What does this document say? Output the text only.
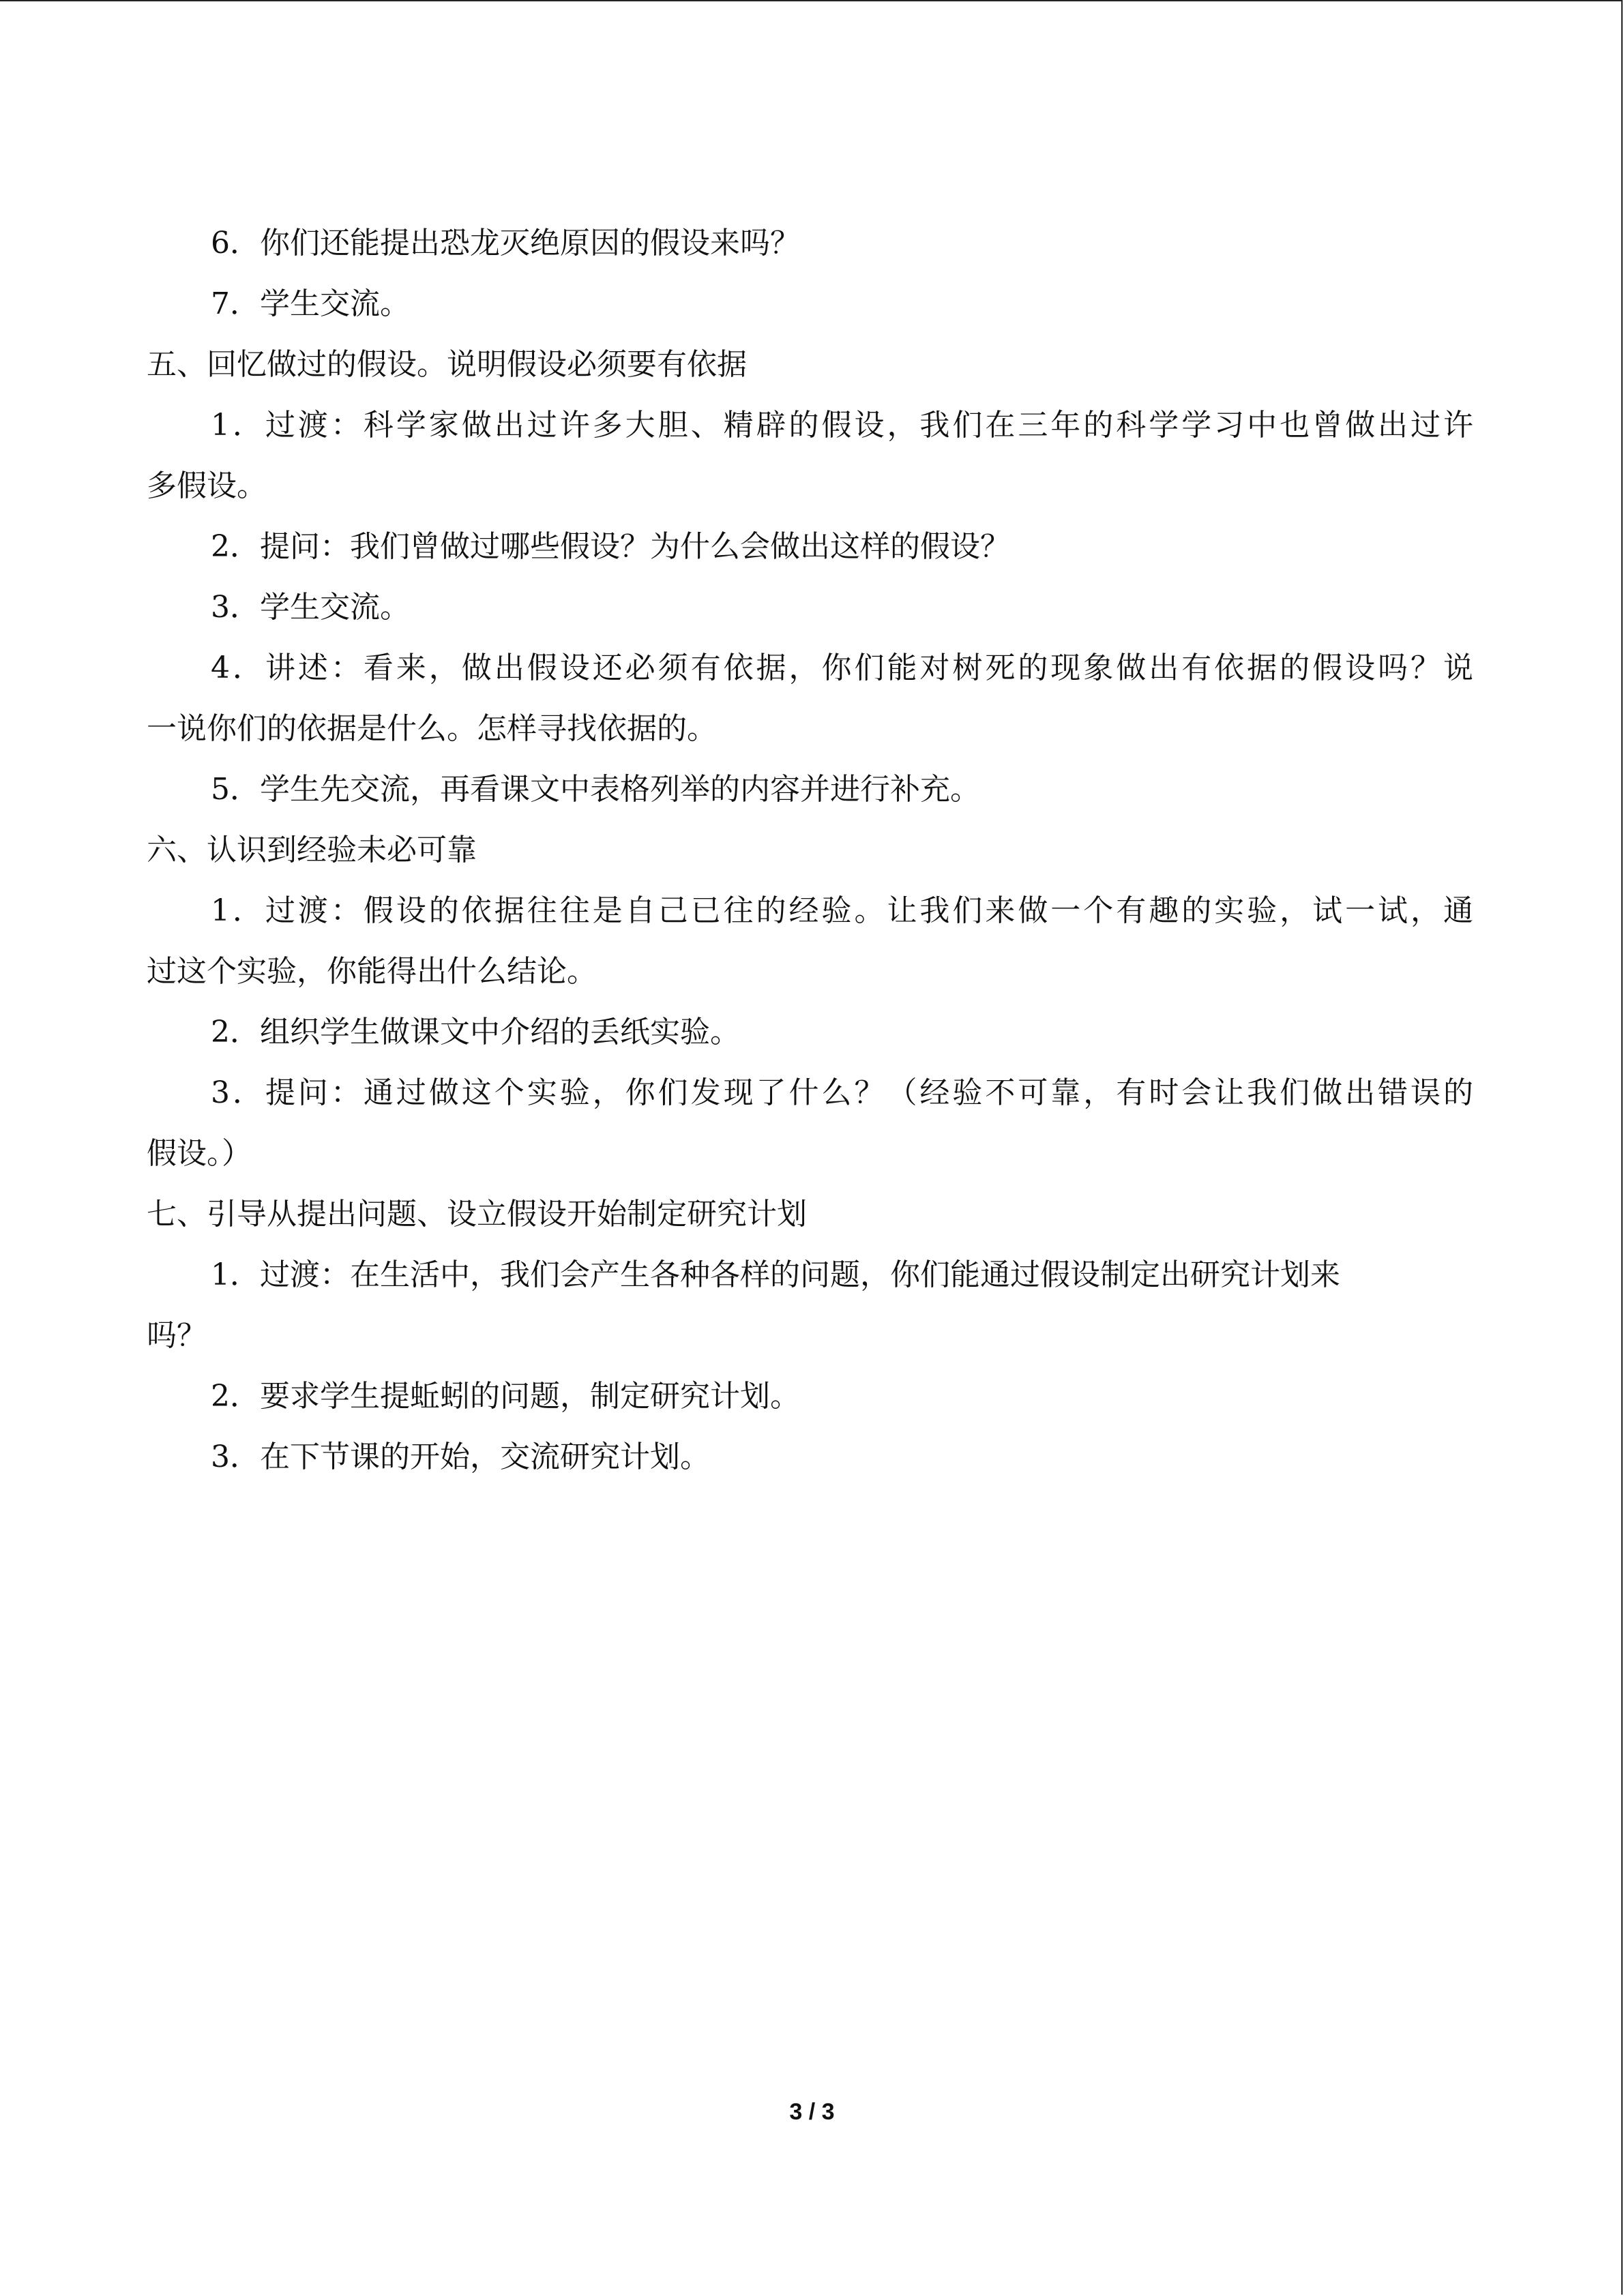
6．你们还能提出恐龙灭绝原因的假设来吗？

7．学生交流。

五、回忆做过的假设。说明假设必须要有依据

1．过渡：科学家做出过许多大胆、精辟的假设，我们在三年的科学学习中也曾做出过许

多假设。

2．提问：我们曾做过哪些假设？为什么会做出这样的假设？

3．学生交流。

4．讲述：看来，做出假设还必须有依据，你们能对树死的现象做出有依据的假设吗？说

一说你们的依据是什么。怎样寻找依据的。

5．学生先交流，再看课文中表格列举的内容并进行补充。

六、认识到经验未必可靠

1．过渡：假设的依据往往是自己已往的经验。让我们来做一个有趣的实验，试一试，通

过这个实验，你能得出什么结论。

2．组织学生做课文中介绍的丢纸实验。

3．提问：通过做这个实验，你们发现了什么？（经验不可靠，有时会让我们做出错误的

假设。）

七、引导从提出问题、设立假设开始制定研究计划

1．过渡：在生活中，我们会产生各种各样的问题，你们能通过假设制定出研究计划来

吗？

2．要求学生提蚯蚓的问题，制定研究计划。

3．在下节课的开始，交流研究计划。

3 / 3
